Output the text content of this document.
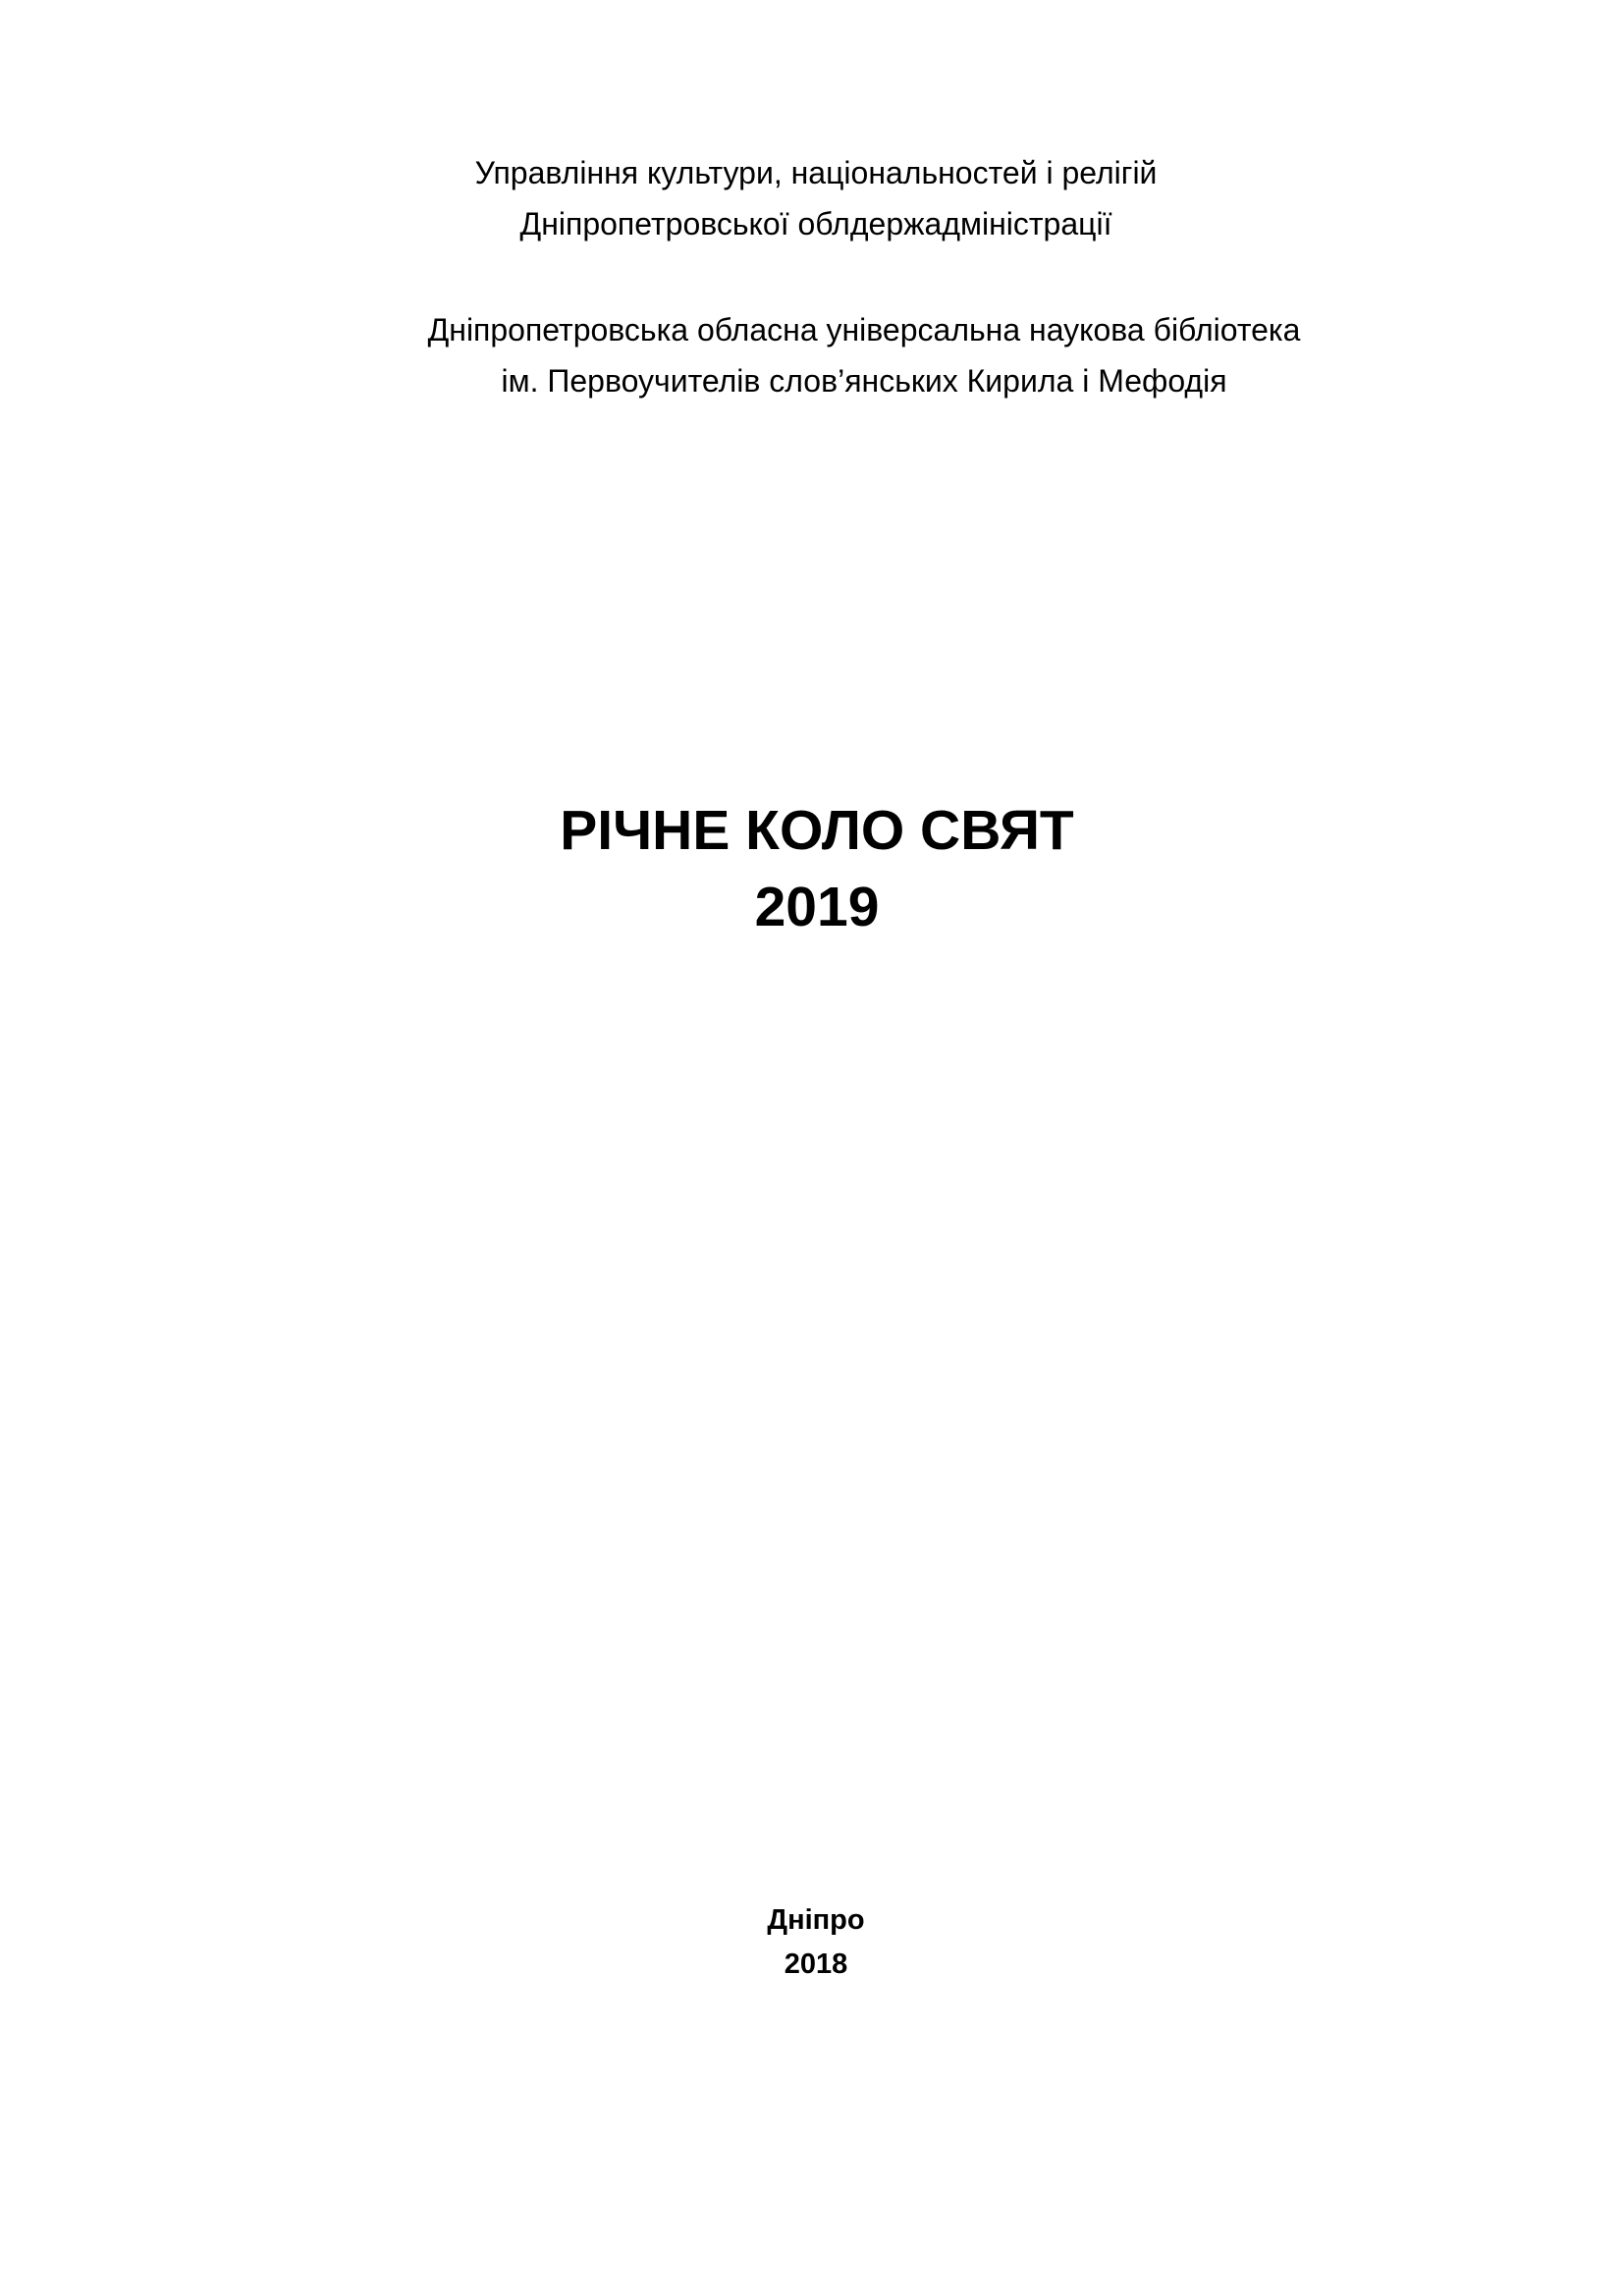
Управління культури, національностей і релігій
Дніпропетровської облдержадміністрації
Дніпропетровська обласна універсальна наукова бібліотека
ім. Первоучителів слов’янських Кирила і Мефодія
РІЧНЕ КОЛО СВЯТ
2019
Дніпро
2018
